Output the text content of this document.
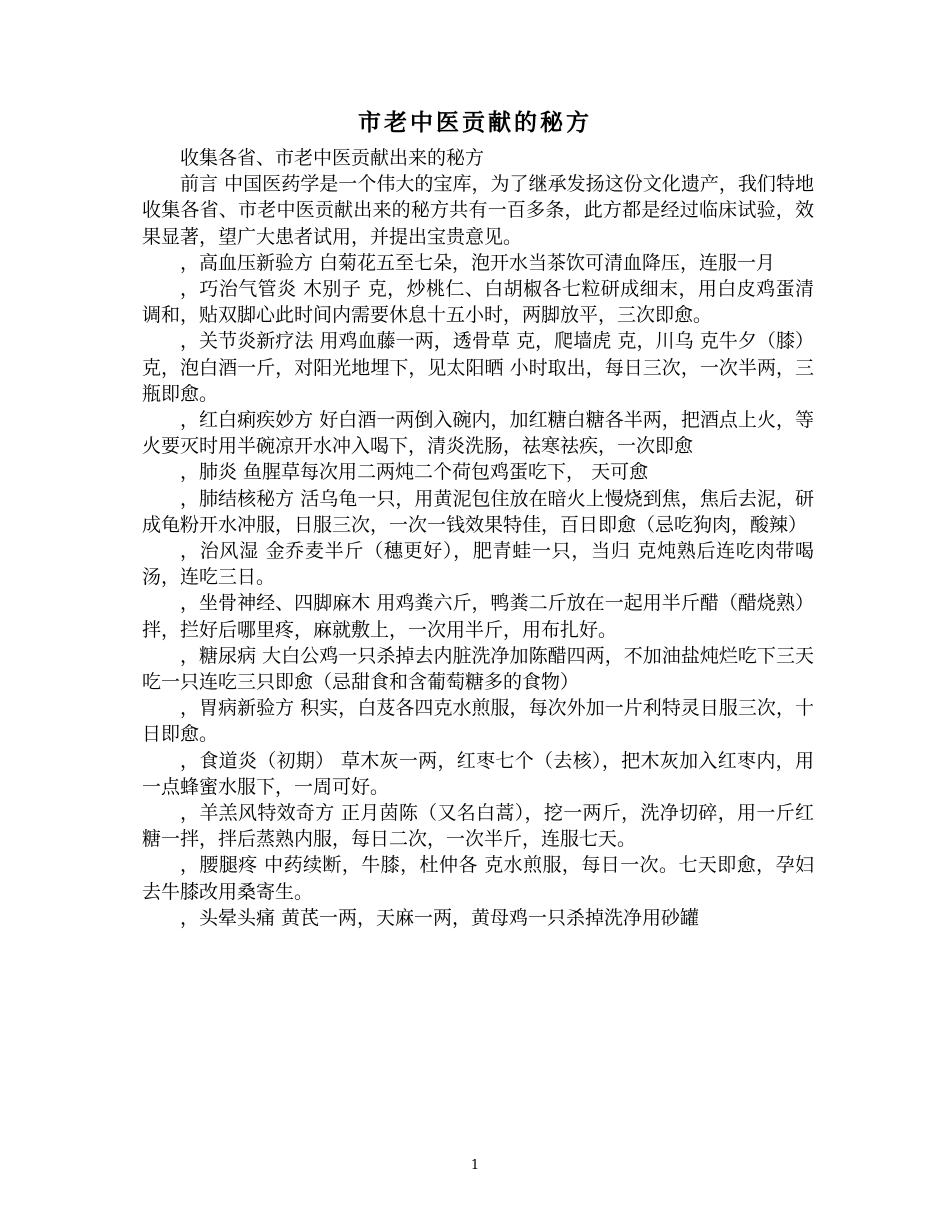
市老中医贡献的秘方

收集各省、市老中医贡献出来的秘方

前言 中国医药学是一个伟大的宝库，为了继承发扬这份文化遗产，我们特地收集各省、市老中医贡献出来的秘方共有一百多条，此方都是经过临床试验，效果显著，望广大患者试用，并提出宝贵意见。

，高血压新验方 白菊花五至七朵，泡开水当茶饮可清血降压，连服一月

，巧治气管炎 木别子 克，炒桃仁、白胡椒各七粒研成细末，用白皮鸡蛋清调和，贴双脚心此时间内需要休息十五小时，两脚放平，三次即愈。

，关节炎新疗法 用鸡血藤一两，透骨草 克，爬墙虎 克，川乌 克牛夕（膝） 克，泡白酒一斤，对阳光地埋下，见太阳晒 小时取出，每日三次，一次半两，三瓶即愈。

，红白痢疾妙方 好白酒一两倒入碗内，加红糖白糖各半两，把酒点上火，等火要灭时用半碗凉开水冲入喝下，清炎洗肠，祛寒祛疾，一次即愈

，肺炎 鱼腥草每次用二两炖二个荷包鸡蛋吃下， 天可愈

，肺结核秘方 活乌龟一只，用黄泥包住放在暗火上慢烧到焦，焦后去泥，研成龟粉开水冲服，日服三次，一次一钱效果特佳，百日即愈（忌吃狗肉，酸辣）

，治风湿 金乔麦半斤（穗更好），肥青蛙一只，当归 克炖熟后连吃肉带喝汤，连吃三日。

，坐骨神经、四脚麻木 用鸡粪六斤，鸭粪二斤放在一起用半斤醋（醋烧熟）拌，拦好后哪里疼，麻就敷上，一次用半斤，用布扎好。

，糖尿病 大白公鸡一只杀掉去内脏洗净加陈醋四两，不加油盐炖烂吃下三天吃一只连吃三只即愈（忌甜食和含葡萄糖多的食物）

，胃病新验方 积实，白芨各四克水煎服，每次外加一片利特灵日服三次，十日即愈。

，食道炎（初期） 草木灰一两，红枣七个（去核），把木灰加入红枣内，用一点蜂蜜水服下，一周可好。

，羊羔风特效奇方 正月茵陈（又名白蒿），挖一两斤，洗净切碎，用一斤红糖一拌，拌后蒸熟内服，每日二次，一次半斤，连服七天。

，腰腿疼 中药续断，牛膝，杜仲各 克水煎服，每日一次。七天即愈，孕妇去牛膝改用桑寄生。

，头晕头痛 黄芪一两，天麻一两，黄母鸡一只杀掉洗净用砂罐

1
